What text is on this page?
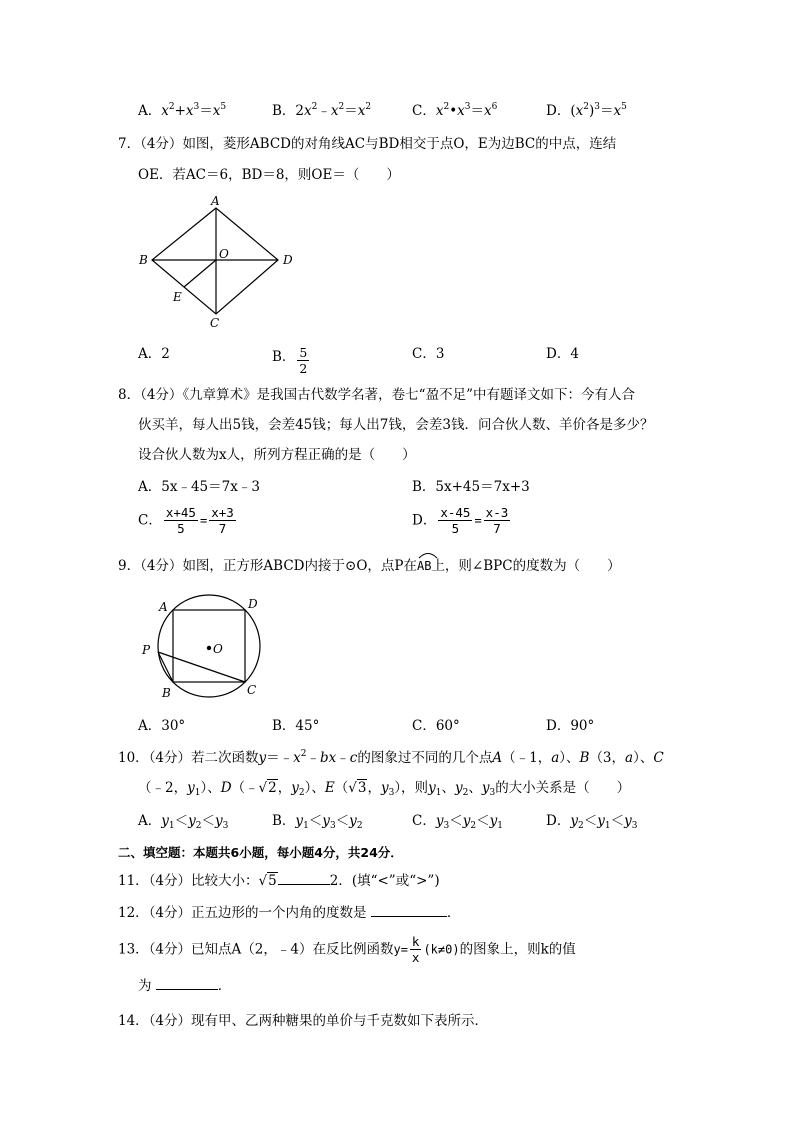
A．$x^2+x^3=x^5$	B．$2x^2﹣x^2=x^2$	C．$x^2•x^3=x^6$	D．$(x^2)^3=x^5$
7．（4分）如图，菱形ABCD的对角线AC与BD相交于点O，E为边BC的中点，连结
OE．若AC＝6，BD＝8，则OE＝（　　）
A
B	O	D
E
C
A．2	B． $\frac{5}{2}$	C．3	D．4
8．（4分）《九章算术》是我国古代数学名著，卷七“盈不足”中有题译文如下：今有人合
伙买羊，每人出5钱，会差45钱；每人出7钱，会差3钱．问合伙人数、羊价各是多少？
设合伙人数为x人，所列方程正确的是（　　）
A．5x﹣45＝7x﹣3	B．5x+45＝7x+3
C． $\frac{x+45}{5} = \frac{x+3}{7}$	D． $\frac{x-45}{5} = \frac{x-3}{7}$
9．（4分）如图，正方形ABCD内接于⊙O，点P在
AB上，则∠BPC的度数为（　　）
A	D
P	O
B	C
A．30°	B．45°	C．60°	D．90°
10．（4分）若二次函数$y=﹣x^2﹣bx﹣c$的图象过不同的几个点A（﹣1，a）、B（3，a）、C
（﹣2，$y_1$）、D（﹣√2，$y_2$）、E（√3，$y_3$），则$y_1$、$y_2$、$y_3$的大小关系是（　　）
A．$y_1<y_2<y_3$	B．$y_1<y_3<y_2$	C．$y_3<y_2<y_1$	D．$y_2<y_1<y_3$
二、填空题：本题共6小题，每小题4分，共24分．
11．（4分）比较大小：√5	2．(填“<”或“>”)
12．（4分）正五边形的一个内角的度数是	．
13．（4分）已知点A（2，﹣4）在反比例函数$y= \frac{k}{x} (k\ne 0)$的图象上，则k的值
为	．
14．（4分）现有甲、乙两种糖果的单价与千克数如下表所示．
